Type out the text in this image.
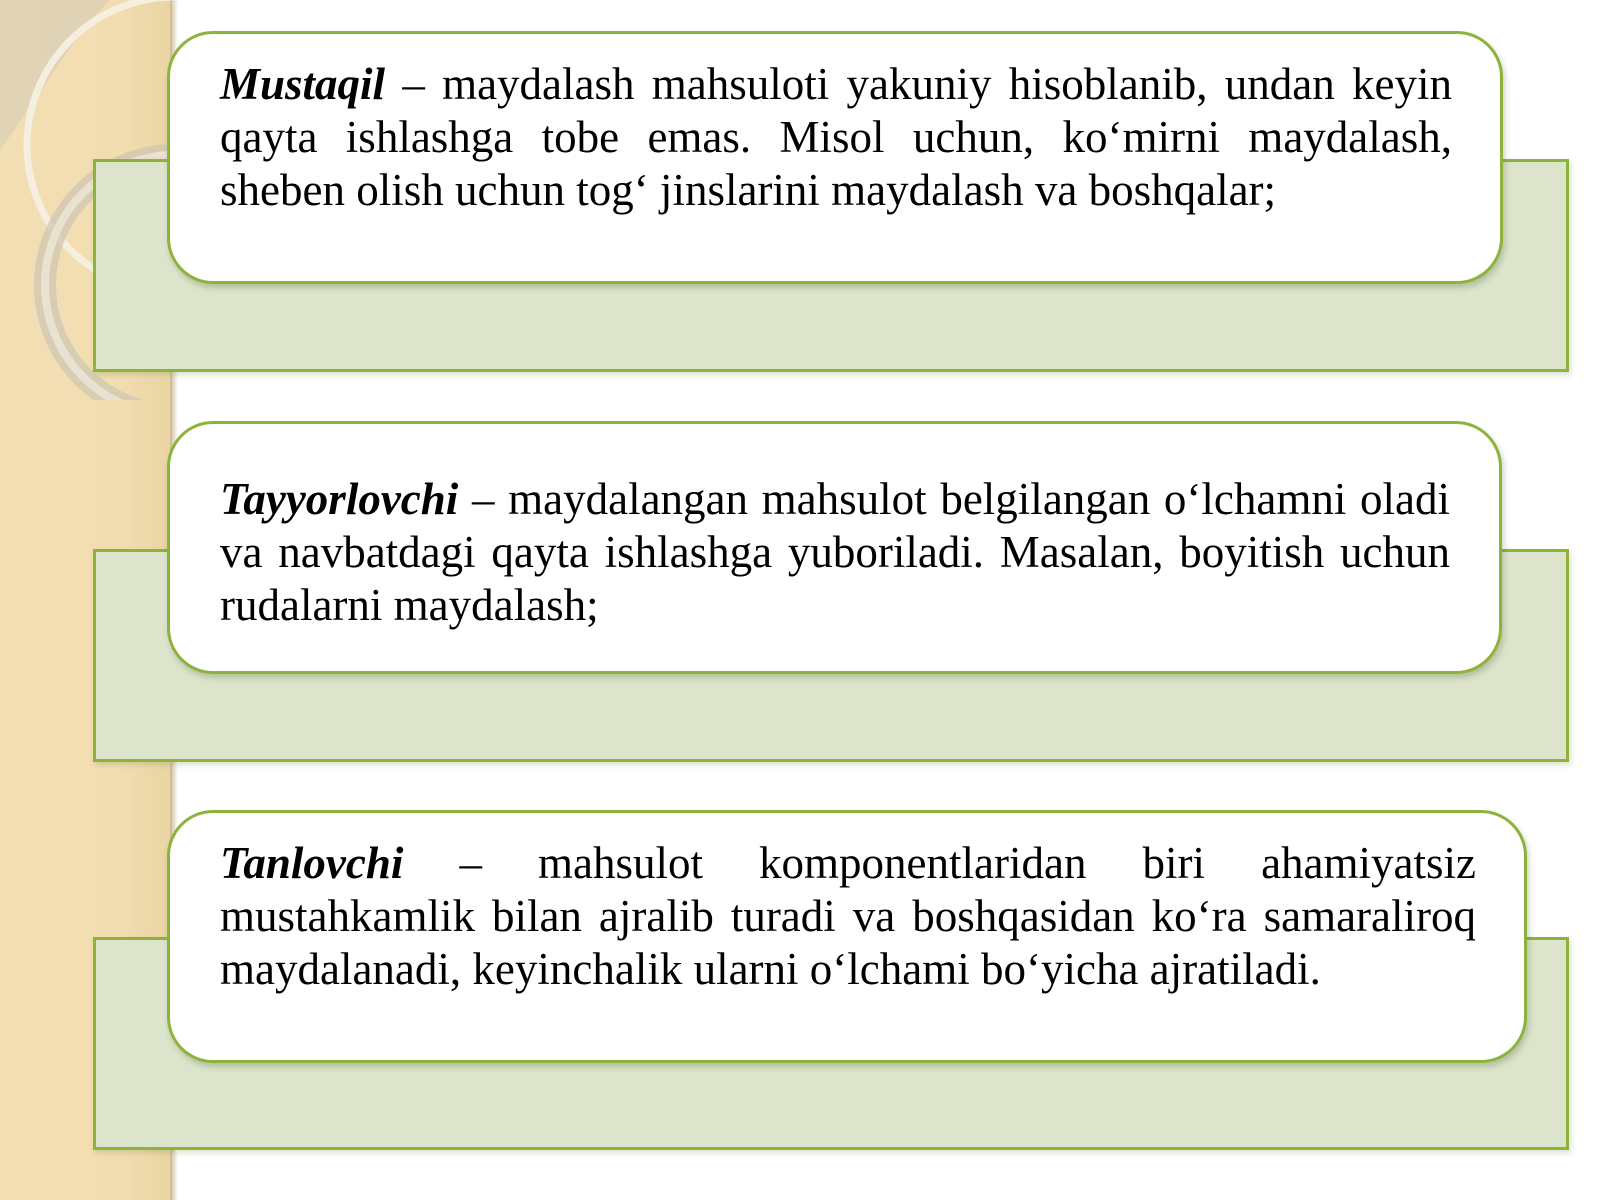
Mustaqil – maydalash mahsuloti yakuniy hisoblanib, undan keyin qayta ishlashga tobe emas. Misol uchun, ko‘mirni maydalash, sheben olish uchun tog‘ jinslarini maydalash va boshqalar;

Tayyorlovchi – maydalangan mahsulot belgilangan o‘lchamni oladi va navbatdagi qayta ishlashga yuboriladi. Masalan, boyitish uchun rudalarni maydalash;

Tanlovchi – mahsulot komponentlaridan biri ahamiyatsiz mustahkamlik bilan ajralib turadi va boshqasidan ko‘ra samaraliroq maydalanadi, keyinchalik ularni o‘lchami bo‘yicha ajratiladi.
